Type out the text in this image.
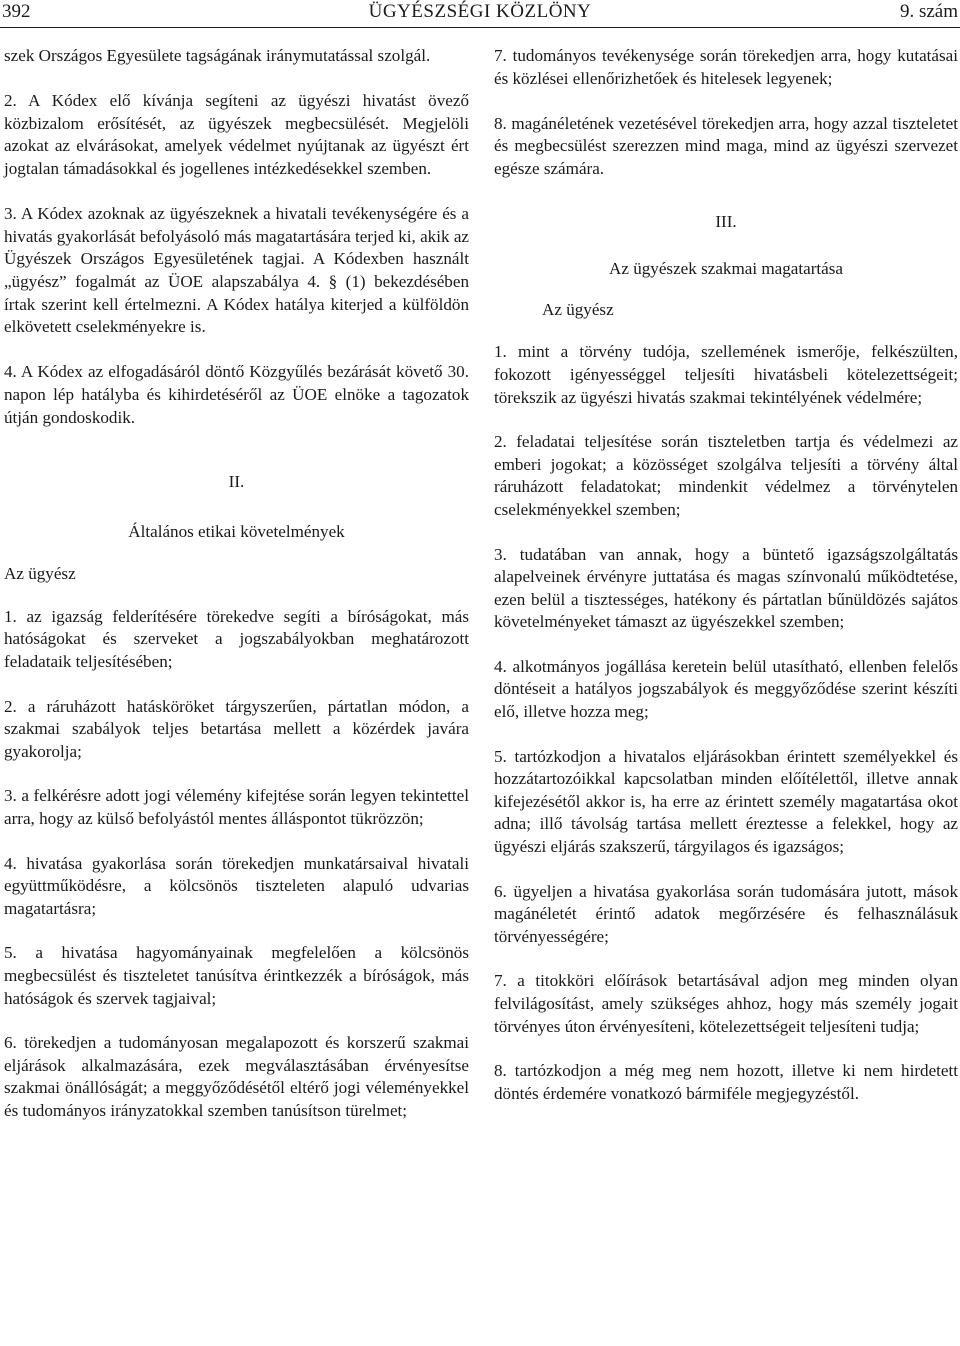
392	ÜGYÉSZSÉGI KÖZLÖNY	9. szám

szek Országos Egyesülete tagságának iránymutatással szolgál.

2. A Kódex elő kívánja segíteni az ügyészi hivatást övező közbizalom erősítését, az ügyészek megbecsülését. Megjelöli azokat az elvárásokat, amelyek védelmet nyújtanak az ügyészt ért jogtalan támadásokkal és jogellenes intézkedésekkel szemben.

3. A Kódex azoknak az ügyészeknek a hivatali tevékenységére és a hivatás gyakorlását befolyásoló más magatartására terjed ki, akik az Ügyészek Országos Egyesületének tagjai. A Kódexben használt „ügyész” fogalmát az ÜOE alapszabálya 4. § (1) bekezdésében írtak szerint kell értelmezni. A Kódex hatálya kiterjed a külföldön elkövetett cselekményekre is.

4. A Kódex az elfogadásáról döntő Közgyűlés bezárását követő 30. napon lép hatályba és kihirdetéséről az ÜOE elnöke a tagozatok útján gondoskodik.

II.
Általános etikai követelmények
Az ügyész

1. az igazság felderítésére törekedve segíti a bíróságokat, más hatóságokat és szerveket a jogszabályokban meghatározott feladataik teljesítésében;

2. a ráruházott hatásköröket tárgyszerűen, pártatlan módon, a szakmai szabályok teljes betartása mellett a közérdek javára gyakorolja;

3. a felkérésre adott jogi vélemény kifejtése során legyen tekintettel arra, hogy az külső befolyástól mentes álláspontot tükrözzön;

4. hivatása gyakorlása során törekedjen munkatársaival hivatali együttműködésre, a kölcsönös tiszteleten alapuló udvarias magatartásra;

5. a hivatása hagyományainak megfelelően a kölcsönös megbecsülést és tiszteletet tanúsítva érintkezzék a bíróságok, más hatóságok és szervek tagjaival;

6. törekedjen a tudományosan megalapozott és korszerű szakmai eljárások alkalmazására, ezek megválasztásában érvényesítse szakmai önállóságát; a meggyőződésétől eltérő jogi véleményekkel és tudományos irányzatokkal szemben tanúsítson türelmet;

7. tudományos tevékenysége során törekedjen arra, hogy kutatásai és közlései ellenőrizhetőek és hitelesek legyenek;

8. magánéletének vezetésével törekedjen arra, hogy azzal tiszteletet és megbecsülést szerezzen mind maga, mind az ügyészi szervezet egésze számára.

III.
Az ügyészek szakmai magatartása
Az ügyész

1. mint a törvény tudója, szellemének ismerője, felkészülten, fokozott igényességgel teljesíti hivatásbeli kötelezettségeit; törekszik az ügyészi hivatás szakmai tekintélyének védelmére;

2. feladatai teljesítése során tiszteletben tartja és védelmezi az emberi jogokat; a közösséget szolgálva teljesíti a törvény által ráruházott feladatokat; mindenkit védelmez a törvénytelen cselekményekkel szemben;

3. tudatában van annak, hogy a büntető igazságszolgáltatás alapelveinek érvényre juttatása és magas színvonalú működtetése, ezen belül a tisztességes, hatékony és pártatlan bűnüldözés sajátos követelményeket támaszt az ügyészekkel szemben;

4. alkotmányos jogállása keretein belül utasítható, ellenben felelős döntéseit a hatályos jogszabályok és meggyőződése szerint készíti elő, illetve hozza meg;

5. tartózkodjon a hivatalos eljárásokban érintett személyekkel és hozzátartozóikkal kapcsolatban minden előítélettől, illetve annak kifejezésétől akkor is, ha erre az érintett személy magatartása okot adna; illő távolság tartása mellett éreztesse a felekkel, hogy az ügyészi eljárás szakszerű, tárgyilagos és igazságos;

6. ügyeljen a hivatása gyakorlása során tudomására jutott, mások magánéletét érintő adatok megőrzésére és felhasználásuk törvényességére;

7. a titokköri előírások betartásával adjon meg minden olyan felvilágosítást, amely szükséges ahhoz, hogy más személy jogait törvényes úton érvényesíteni, kötelezettségeit teljesíteni tudja;

8. tartózkodjon a még meg nem hozott, illetve ki nem hirdetett döntés érdemére vonatkozó bármiféle megjegyzéstől.
